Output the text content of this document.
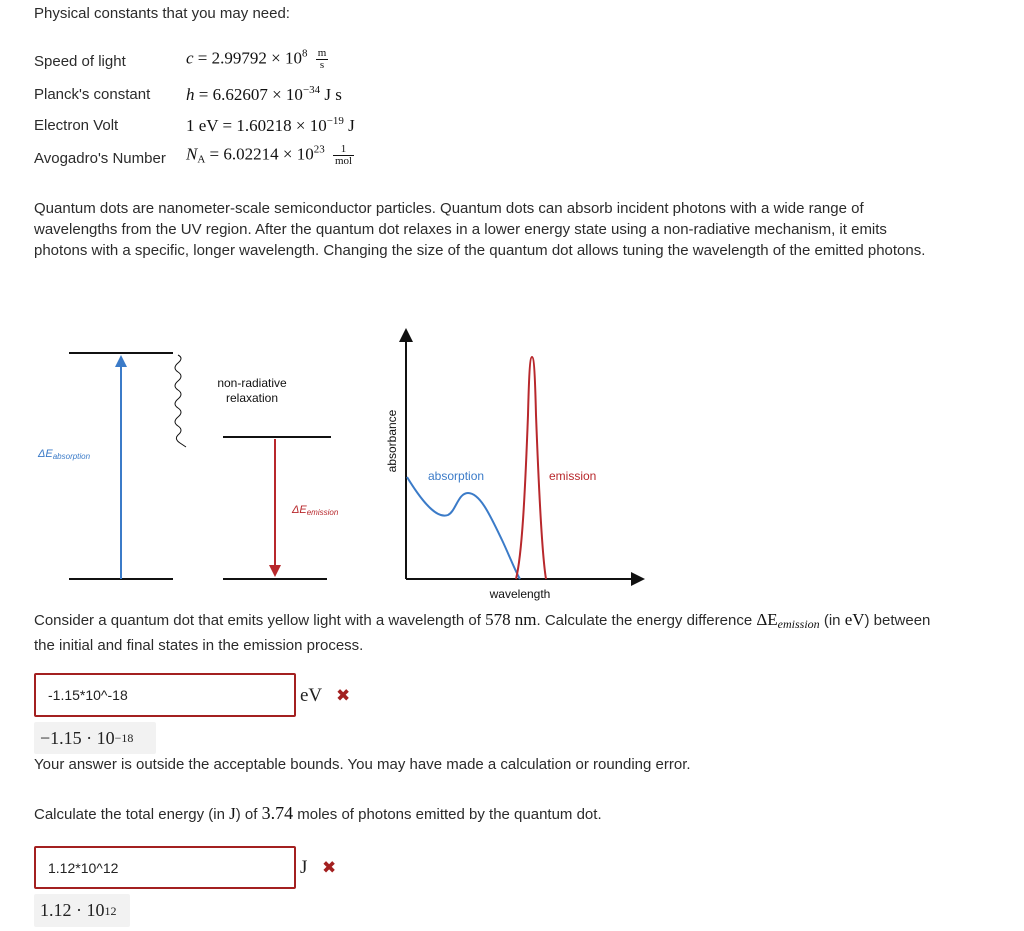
Physical constants that you may need:
Speed of light	$c = 2.99792 \times 10^8 \frac{m}{s}$
Planck's constant $h = 6.62607 \times 10^{-34}$ J s
Electron Volt	1 eV = $1.60218 \times 10^{-19}$ J
Avogadro's Number $N_A = 6.02214 \times 10^{23} \frac{1}{\text{mol}}$
Quantum dots are nanometer-scale semiconductor particles. Quantum dots can absorb incident photons with a wide range of wavelengths from the UV region. After the quantum dot relaxes in a lower energy state using a non-radiative mechanism, it emits photons with a specific, longer wavelength. Changing the size of the quantum dot allows tuning the wavelength of the emitted photons.
ΔEabsorption
non-radiative
relaxation
ΔEemission
absorbance
wavelength
absorption	emission
Consider a quantum dot that emits yellow light with a wavelength of 578 nm. Calculate the energy difference ΔEemission (in eV) between the initial and final states in the emission process.
-1.15*10^-18	eV ✖
−1.15 · 10 −18
Your answer is outside the acceptable bounds. You may have made a calculation or rounding error.
Calculate the total energy (in J) of 3.74 moles of photons emitted by the quantum dot.
1.12*10^12	J ✖
1.12 · 10 12
